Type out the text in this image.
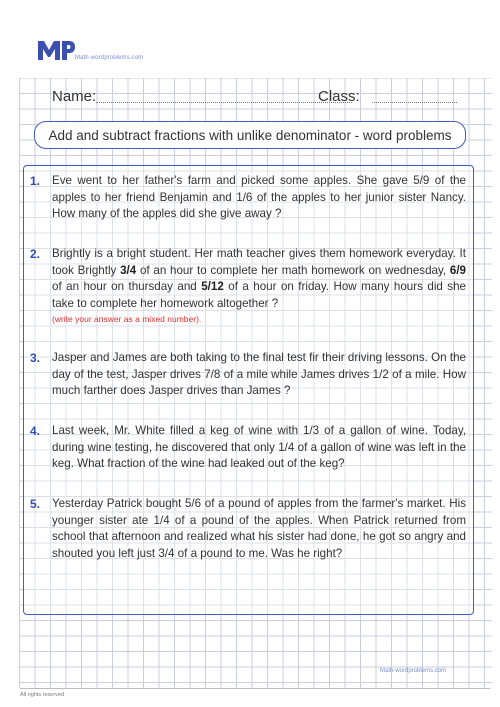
Math-wordproblems.com
Name:	Class:
Add and subtract fractions with unlike denominator - word problems
1. Eve went to her father's farm and picked some apples. She gave 5/9 of the apples to her friend Benjamin and 1/6 of the apples to her junior sister Nancy. How many of the apples did she give away ?
2. Brightly is a bright student. Her math teacher gives them homework everyday. It took Brightly 3/4 of an hour to complete her math homework on wednesday, 6/9 of an hour on thursday and 5/12 of a hour on friday. How many hours did she take to complete her homework altogether ?
(write your answer as a mixed number).
3. Jasper and James are both taking to the final test fir their driving lessons. On the day of the test, Jasper drives 7/8 of a mile while James drives 1/2 of a mile. How much farther does Jasper drives than James ?
4. Last week, Mr. White filled a keg of wine with 1/3 of a gallon of wine. Today, during wine testing, he discovered that only 1/4 of a gallon of wine was left in the keg. What fraction of the wine had leaked out of the keg?
5. Yesterday Patrick bought 5/6 of a pound of apples from the farmer's market. His younger sister ate 1/4 of a pound of the apples. When Patrick returned from school that afternoon and realized what his sister had done, he got so angry and shouted you left just 3/4 of a pound to me. Was he right?
Math-wordproblems.com
All rights reserved
